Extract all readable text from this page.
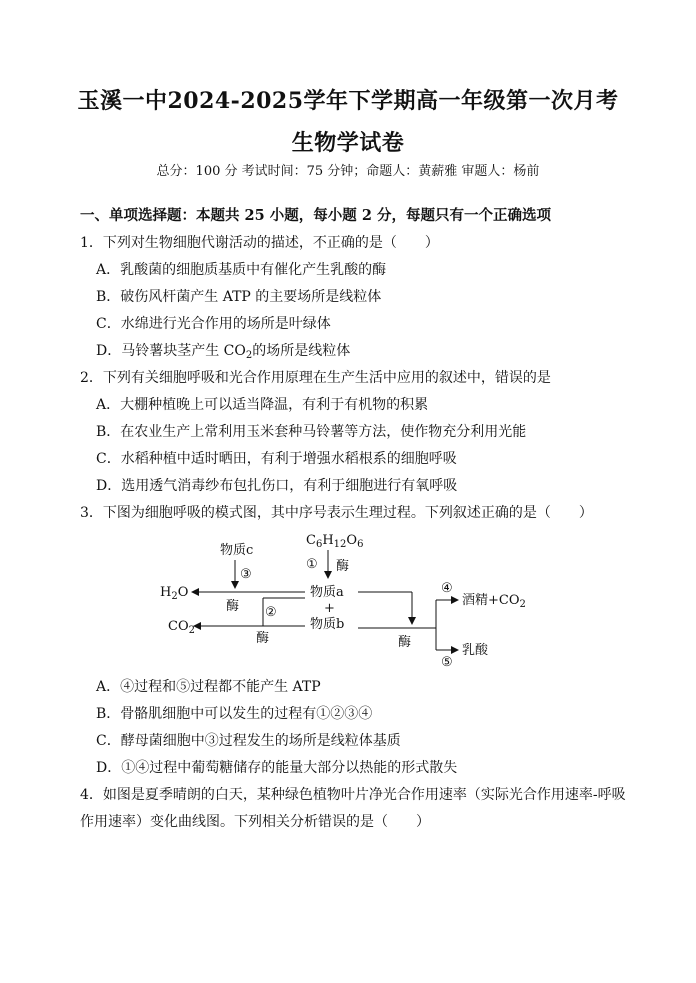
玉溪一中2024-2025学年下学期高一年级第一次月考
生物学试卷
总分：100 分 考试时间：75 分钟；命题人：黄薪雅 审题人：杨前
一、单项选择题：本题共 25 小题，每小题 2 分，每题只有一个正确选项
1．下列对生物细胞代谢活动的描述，不正确的是（　　）
A．乳酸菌的细胞质基质中有催化产生乳酸的酶
B．破伤风杆菌产生 ATP 的主要场所是线粒体
C．水绵进行光合作用的场所是叶绿体
D．马铃薯块茎产生 $CO_2$的场所是线粒体
2．下列有关细胞呼吸和光合作用原理在生产生活中应用的叙述中，错误的是
A．大棚种植晚上可以适当降温，有利于有机物的积累
B．在农业生产上常利用玉米套种马铃薯等方法，使作物充分利用光能
C．水稻种植中适时晒田，有利于增强水稻根系的细胞呼吸
D．选用透气消毒纱布包扎伤口，有利于细胞进行有氧呼吸
3．下图为细胞呼吸的模式图，其中序号表示生理过程。下列叙述正确的是（　　）
物质c
$C_6H_{12}O_6$
③
① 酶
物质a
+
物质b
$H_2O$
酶 ②
$CO_2$
酶	酶
④
酒精$+CO_2$
⑤
乳酸
A．④过程和⑤过程都不能产生 ATP
B．骨骼肌细胞中可以发生的过程有①②③④
C．酵母菌细胞中③过程发生的场所是线粒体基质
D．①④过程中葡萄糖储存的能量大部分以热能的形式散失
4．如图是夏季晴朗的白天，某种绿色植物叶片净光合作用速率（实际光合作用速率-呼吸
作用速率）变化曲线图。下列相关分析错误的是（　　）
